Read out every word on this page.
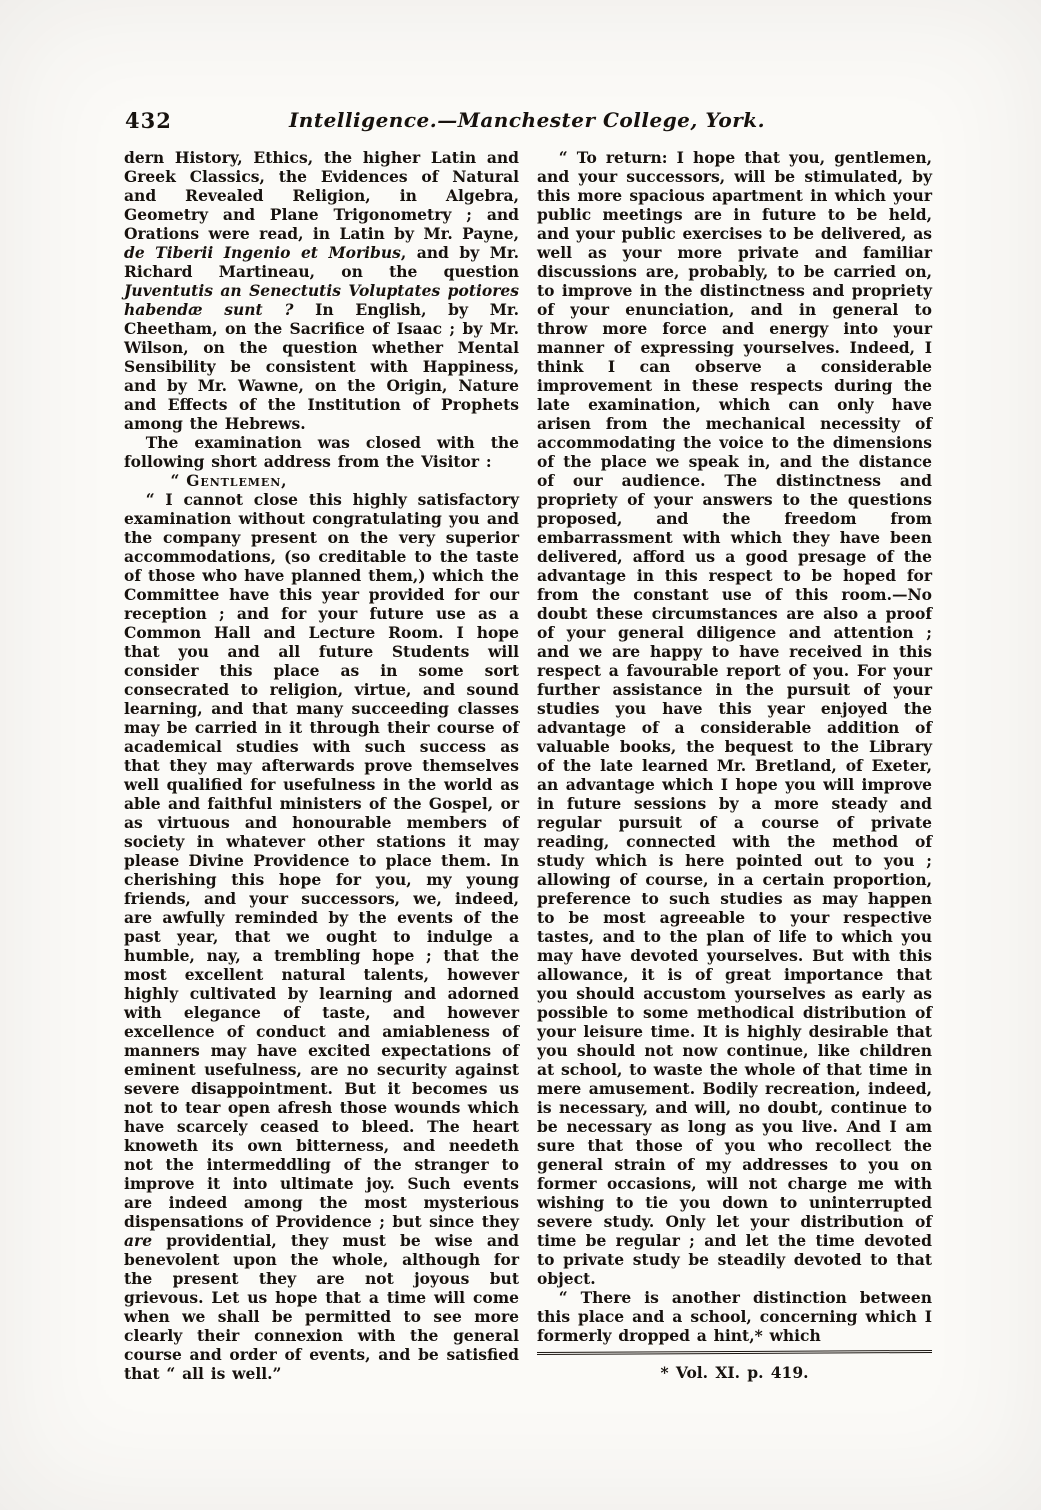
432	Intelligence.—Manchester College, York.

dern History, Ethics, the higher Latin and Greek Classics, the Evidences of Natural and Revealed Religion, in Algebra, Geometry and Plane Trigonometry ; and Orations were read, in Latin by Mr. Payne, de Tiberii Ingenio et Moribus, and by Mr. Richard Martineau, on the question Juventutis an Senectutis Voluptates potiores habendæ sunt ? In English, by Mr. Cheetham, on the Sacrifice of Isaac ; by Mr. Wilson, on the question whether Mental Sensibility be consistent with Happiness, and by Mr. Wawne, on the Origin, Nature and Effects of the Institution of Prophets among the Hebrews.

The examination was closed with the following short address from the Visitor :

“ Gentlemen,

“ I cannot close this highly satisfactory examination without congratulating you and the company present on the very superior accommodations, (so creditable to the taste of those who have planned them,) which the Committee have this year provided for our reception ; and for your future use as a Common Hall and Lecture Room. I hope that you and all future Students will consider this place as in some sort consecrated to religion, virtue, and sound learning, and that many succeeding classes may be carried in it through their course of academical studies with such success as that they may afterwards prove themselves well qualified for usefulness in the world as able and faithful ministers of the Gospel, or as virtuous and honourable members of society in whatever other stations it may please Divine Providence to place them. In cherishing this hope for you, my young friends, and your successors, we, indeed, are awfully reminded by the events of the past year, that we ought to indulge a humble, nay, a trembling hope ; that the most excellent natural talents, however highly cultivated by learning and adorned with elegance of taste, and however excellence of conduct and amiableness of manners may have excited expectations of eminent usefulness, are no security against severe disappointment. But it becomes us not to tear open afresh those wounds which have scarcely ceased to bleed. The heart knoweth its own bitterness, and needeth not the intermeddling of the stranger to improve it into ultimate joy. Such events are indeed among the most mysterious dispensations of Providence ; but since they are providential, they must be wise and benevolent upon the whole, although for the present they are not joyous but grievous. Let us hope that a time will come when we shall be permitted to see more clearly their connexion with the general course and order of events, and be satisfied that “ all is well.”

“ To return: I hope that you, gentlemen, and your successors, will be stimulated, by this more spacious apartment in which your public meetings are in future to be held, and your public exercises to be delivered, as well as your more private and familiar discussions are, probably, to be carried on, to improve in the distinctness and propriety of your enunciation, and in general to throw more force and energy into your manner of expressing yourselves. Indeed, I think I can observe a considerable improvement in these respects during the late examination, which can only have arisen from the mechanical necessity of accommodating the voice to the dimensions of the place we speak in, and the distance of our audience. The distinctness and propriety of your answers to the questions proposed, and the freedom from embarrassment with which they have been delivered, afford us a good presage of the advantage in this respect to be hoped for from the constant use of this room.—No doubt these circumstances are also a proof of your general diligence and attention ; and we are happy to have received in this respect a favourable report of you. For your further assistance in the pursuit of your studies you have this year enjoyed the advantage of a considerable addition of valuable books, the bequest to the Library of the late learned Mr. Bretland, of Exeter, an advantage which I hope you will improve in future sessions by a more steady and regular pursuit of a course of private reading, connected with the method of study which is here pointed out to you ; allowing of course, in a certain proportion, preference to such studies as may happen to be most agreeable to your respective tastes, and to the plan of life to which you may have devoted yourselves. But with this allowance, it is of great importance that you should accustom yourselves as early as possible to some methodical distribution of your leisure time. It is highly desirable that you should not now continue, like children at school, to waste the whole of that time in mere amusement. Bodily recreation, indeed, is necessary, and will, no doubt, continue to be necessary as long as you live. And I am sure that those of you who recollect the general strain of my addresses to you on former occasions, will not charge me with wishing to tie you down to uninterrupted severe study. Only let your distribution of time be regular ; and let the time devoted to private study be steadily devoted to that object.

“ There is another distinction between this place and a school, concerning which I formerly dropped a hint,* which

* Vol. XI. p. 419.
